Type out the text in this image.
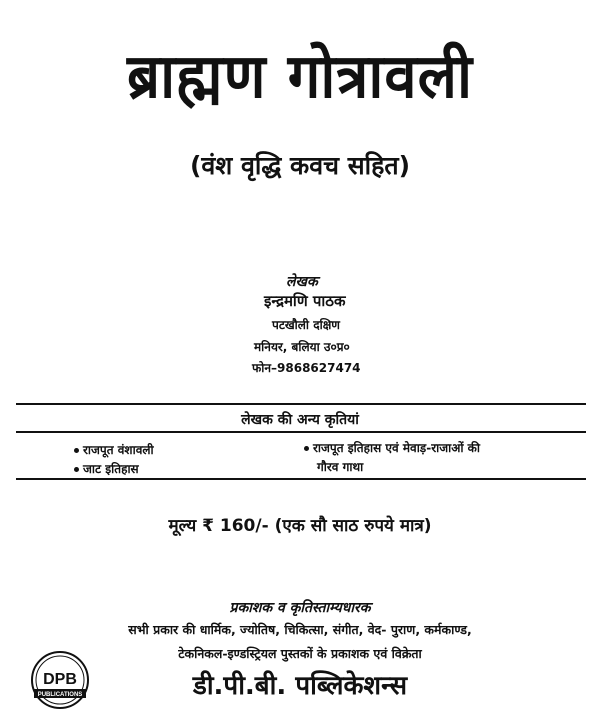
ब्राह्मण गोत्रावली
(वंश वृद्धि कवच सहित)
लेखक
इन्द्रमणि पाठक
पटखौली दक्षिण
मनियर, बलिया उ०प्र०
फोन–9868627474
लेखक की अन्य कृतियां
राजपूत वंशावली
जाट इतिहास
राजपूत इतिहास एवं मेवाड़-राजाओं की
गौरव गाथा
मूल्य ₹ 160/- (एक सौ साठ रुपये मात्र)
प्रकाशक व कृतिस्ताम्यधारक
सभी प्रकार की धार्मिक, ज्योतिष, चिकित्सा, संगीत, वेद- पुराण, कर्मकाण्ड,
टेकनिकल-इण्डस्ट्रियल पुस्तकों के प्रकाशक एवं विक्रेता
डी.पी.बी. पब्लिकेशन्स
DPB
PUBLICATIONS
